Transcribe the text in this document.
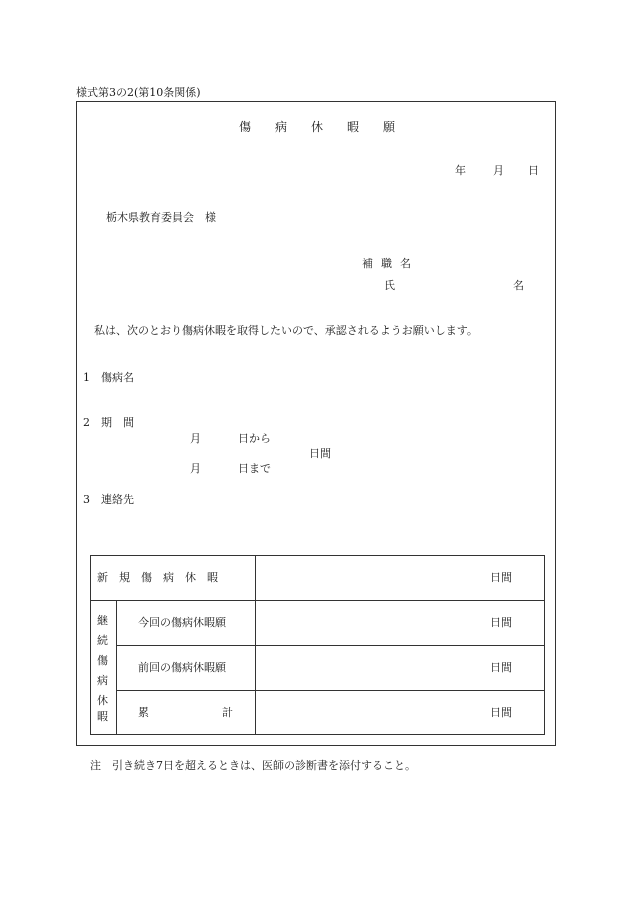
様式第3の2(第10条関係)
傷 病 休 暇 願
年 月 日
栃木県教育委員会　様
補職名
氏	名
私は、次のとおり傷病休暇を取得したいので、承認されるようお願いします。
1 傷病名
2 期　間
月	日から
日間
月	日まで
3 連絡先
新　規　傷　病　休　暇	日間
継
続
傷
病
休
暇
今回の傷病休暇願	日間
前回の傷病休暇願	日間
累	計	日間
注　引き続き7日を超えるときは、医師の診断書を添付すること。
